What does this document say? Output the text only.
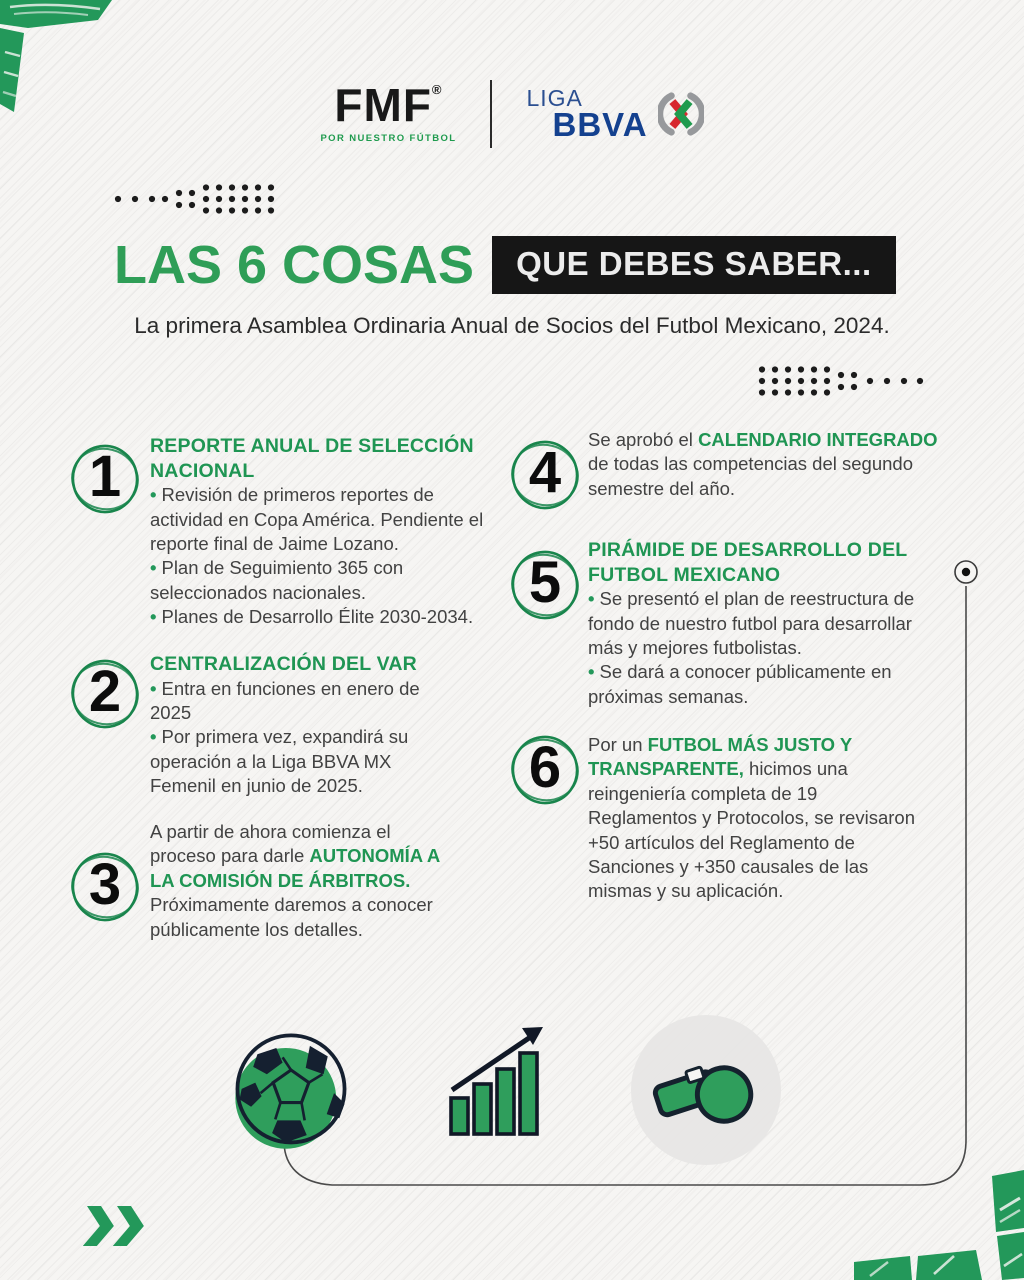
FMF®
POR NUESTRO FÚTBOL
LIGA
BBVA
LAS 6 COSAS	QUE DEBES SABER...
La primera Asamblea Ordinaria Anual de Socios del Futbol Mexicano, 2024.
1	REPORTE ANUAL DE SELECCIÓN NACIONAL

• Revisión de primeros reportes de actividad en Copa América. Pendiente el reporte final de Jaime Lozano.

• Plan de Seguimiento 365 con seleccionados nacionales.

• Planes de Desarrollo Élite 2030-2034.

2	CENTRALIZACIÓN DEL VAR

• Entra en funciones en enero de 2025

• Por primera vez, expandirá su operación a la Liga BBVA MX Femenil en junio de 2025.

3

A partir de ahora comienza el proceso para darle AUTONOMÍA A LA COMISIÓN DE ÁRBITROS. Próximamente daremos a conocer públicamente los detalles.

4

Se aprobó el CALENDARIO INTEGRADO de todas las competencias del segundo semestre del año.

5	PIRÁMIDE DE DESARROLLO DEL FUTBOL MEXICANO

• Se presentó el plan de reestructura de fondo de nuestro futbol para desarrollar más y mejores futbolistas.

• Se dará a conocer públicamente en próximas semanas.

6	Por un FUTBOL MÁS JUSTO Y TRANSPARENTE, hicimos una reingeniería completa de 19 Reglamentos y Protocolos, se revisaron +50 artículos del Reglamento de Sanciones y +350 causales de las mismas y su aplicación.
